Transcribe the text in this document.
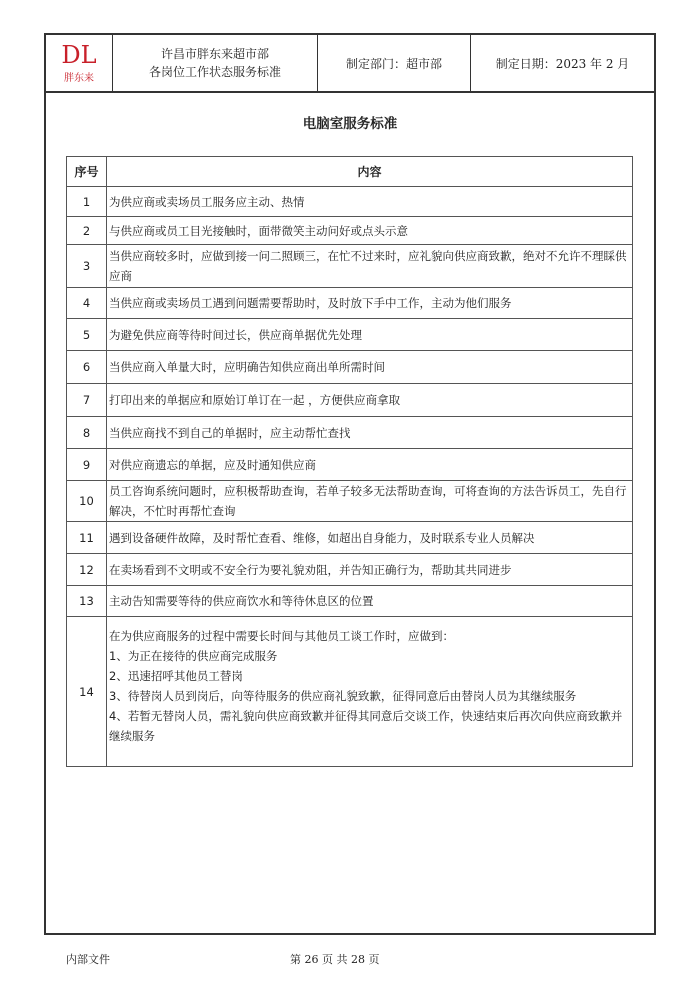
DL
胖东来
许昌市胖东来超市部
各岗位工作状态服务标准
制定部门：超市部	制定日期：2023 年 2 月
电脑室服务标准
序号	内容
1	为供应商或卖场员工服务应主动、热情

2	与供应商或员工目光接触时，面带微笑主动问好或点头示意

3	当供应商较多时，应做到接一问二照顾三，在忙不过来时，应礼貌向供应商致歉，绝对不允许不理睬供应商

4	当供应商或卖场员工遇到问题需要帮助时，及时放下手中工作，主动为他们服务

5	为避免供应商等待时间过长，供应商单据优先处理

6	当供应商入单量大时，应明确告知供应商出单所需时间

7	打印出来的单据应和原始订单订在一起 ，方便供应商拿取

8	当供应商找不到自己的单据时，应主动帮忙查找

9	对供应商遗忘的单据，应及时通知供应商

10	员工咨询系统问题时，应积极帮助查询，若单子较多无法帮助查询，可将查询的方法告诉员工，先自行解决，不忙时再帮忙查询

11	遇到设备硬件故障，及时帮忙查看、维修，如超出自身能力，及时联系专业人员解决

12	在卖场看到不文明或不安全行为要礼貌劝阻，并告知正确行为，帮助其共同进步

13	主动告知需要等待的供应商饮水和等待休息区的位置

14	在为供应商服务的过程中需要长时间与其他员工谈工作时，应做到：
1、为正在接待的供应商完成服务
2、迅速招呼其他员工替岗
3、待替岗人员到岗后，向等待服务的供应商礼貌致歉，征得同意后由替岗人员为其继续服务
4、若暂无替岗人员，需礼貌向供应商致歉并征得其同意后交谈工作，快速结束后再次向供应商致歉并继续服务
内部文件	第 26 页 共 28 页
